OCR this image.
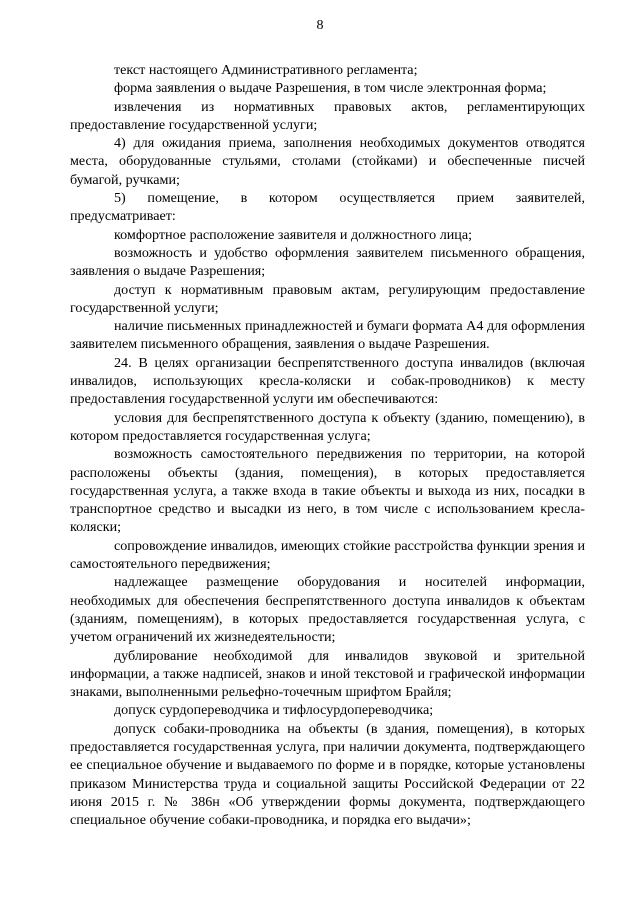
8

текст настоящего Административного регламента;

форма заявления о выдаче Разрешения, в том числе электронная форма;

извлечения из нормативных правовых актов, регламентирующих предоставление государственной услуги;

4) для ожидания приема, заполнения необходимых документов отводятся места, оборудованные стульями, столами (стойками) и обеспеченные писчей бумагой, ручками;

5) помещение, в котором осуществляется прием заявителей, предусматривает:

комфортное расположение заявителя и должностного лица;

возможность и удобство оформления заявителем письменного обращения, заявления о выдаче Разрешения;

доступ к нормативным правовым актам, регулирующим предоставление государственной услуги;

наличие письменных принадлежностей и бумаги формата А4 для оформления заявителем письменного обращения, заявления о выдаче Разрешения.

24. В целях организации беспрепятственного доступа инвалидов (включая инвалидов, использующих кресла-коляски и собак-проводников) к месту предоставления государственной услуги им обеспечиваются:

условия для беспрепятственного доступа к объекту (зданию, помещению), в котором предоставляется государственная услуга;

возможность самостоятельного передвижения по территории, на которой расположены объекты (здания, помещения), в которых предоставляется государственная услуга, а также входа в такие объекты и выхода из них, посадки в транспортное средство и высадки из него, в том числе с использованием кресла-коляски;

сопровождение инвалидов, имеющих стойкие расстройства функции зрения и самостоятельного передвижения;

надлежащее размещение оборудования и носителей информации, необходимых для обеспечения беспрепятственного доступа инвалидов к объектам (зданиям, помещениям), в которых предоставляется государственная услуга, с учетом ограничений их жизнедеятельности;

дублирование необходимой для инвалидов звуковой и зрительной информации, а также надписей, знаков и иной текстовой и графической информации знаками, выполненными рельефно-точечным шрифтом Брайля;

допуск сурдопереводчика и тифлосурдопереводчика;

допуск собаки-проводника на объекты (в здания, помещения), в которых предоставляется государственная услуга, при наличии документа, подтверждающего ее специальное обучение и выдаваемого по форме и в порядке, которые установлены приказом Министерства труда и социальной защиты Российской Федерации от 22 июня 2015 г. № 386н «Об утверждении формы документа, подтверждающего специальное обучение собаки-проводника, и порядка его выдачи»;
